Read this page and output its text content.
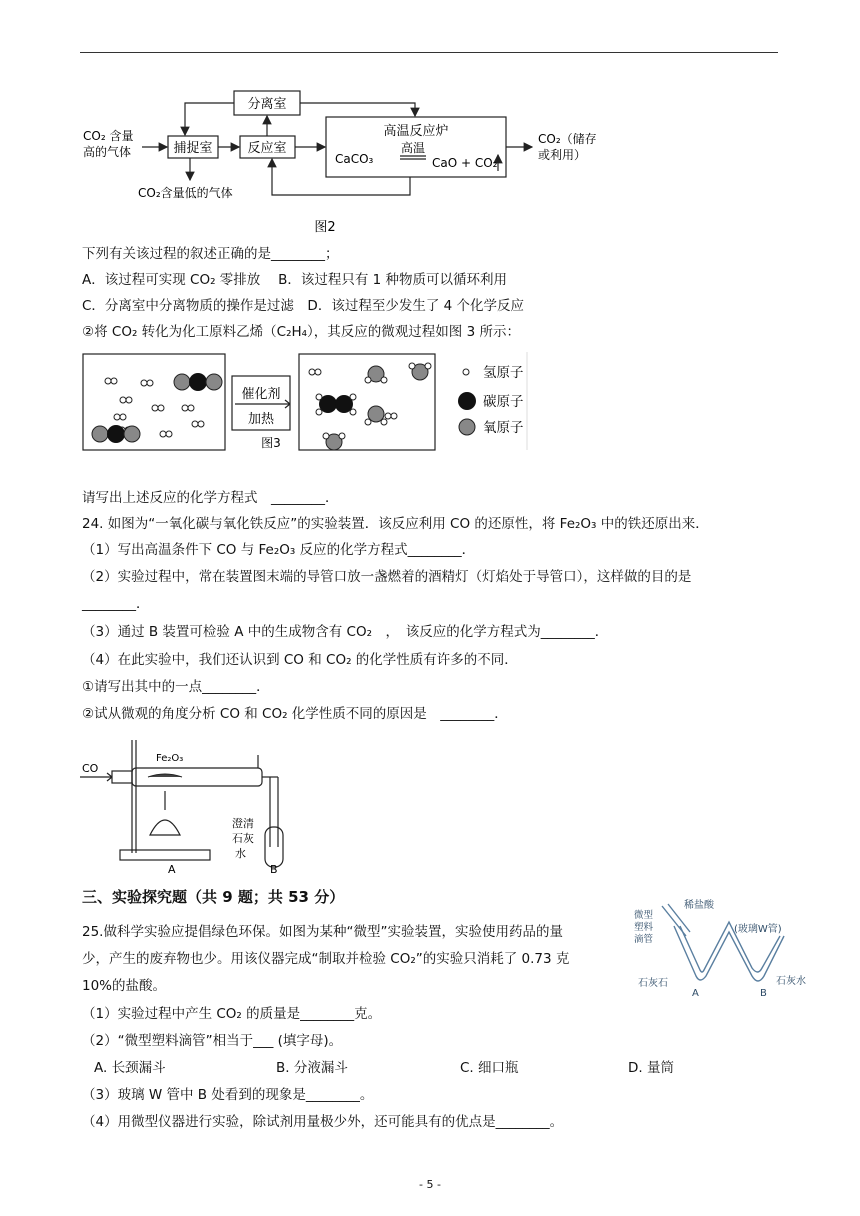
分离室
捕捉室	反应室
高温反应炉
CaCO₃
高温
CaO + CO₂
CO₂ 含量
高的气体
CO₂含量低的气体
CO₂（储存
或利用）
图2
下列有关该过程的叙述正确的是________；
A．该过程可实现 CO₂ 零排放　 B．该过程只有 1 种物质可以循环利用
C．分离室中分离物质的操作是过滤　D．该过程至少发生了 4 个化学反应
②将 CO₂ 转化为化工原料乙烯（C₂H₄），其反应的微观过程如图 3 所示：
催化剂
加热
氢原子
碳原子
氧原子
图3
请写出上述反应的化学方程式　________．
24. 如图为“一氧化碳与氧化铁反应”的实验装置．该反应利用 CO 的还原性，将 Fe₂O₃ 中的铁还原出来．
（1）写出高温条件下 CO 与 Fe₂O₃ 反应的化学方程式________．
（2）实验过程中，常在装置图末端的导管口放一盏燃着的酒精灯（灯焰处于导管口），这样做的目的是
________．
（3）通过 B 装置可检验 A 中的生成物含有 CO₂　，　该反应的化学方程式为________．
（4）在此实验中，我们还认识到 CO 和 CO₂ 的化学性质有许多的不同．
①请写出其中的一点________．
②试从微观的角度分析 CO 和 CO₂ 化学性质不同的原因是　________．
Fe₂O₃
CO
澄清
石灰
水
A	B
三、实验探究题（共 9 题；共 53 分）
25.做科学实验应提倡绿色环保。如图为某种“微型”实验装置，实验使用药品的量
少，产生的废弃物也少。用该仪器完成“制取并检验 CO₂”的实验只消耗了 0.73 克
10%的盐酸。
稀盐酸
微型
塑料
滴管
(玻璃W管)
石灰石	石灰水
A	B
（1）实验过程中产生 CO₂ 的质量是________克。
（2）“微型塑料滴管”相当于___ (填字母)。
A. 长颈漏斗	B. 分液漏斗	C. 细口瓶	D. 量筒
（3）玻璃 W 管中 B 处看到的现象是________。
（4）用微型仪器进行实验，除试剂用量极少外，还可能具有的优点是________。
- 5 -
